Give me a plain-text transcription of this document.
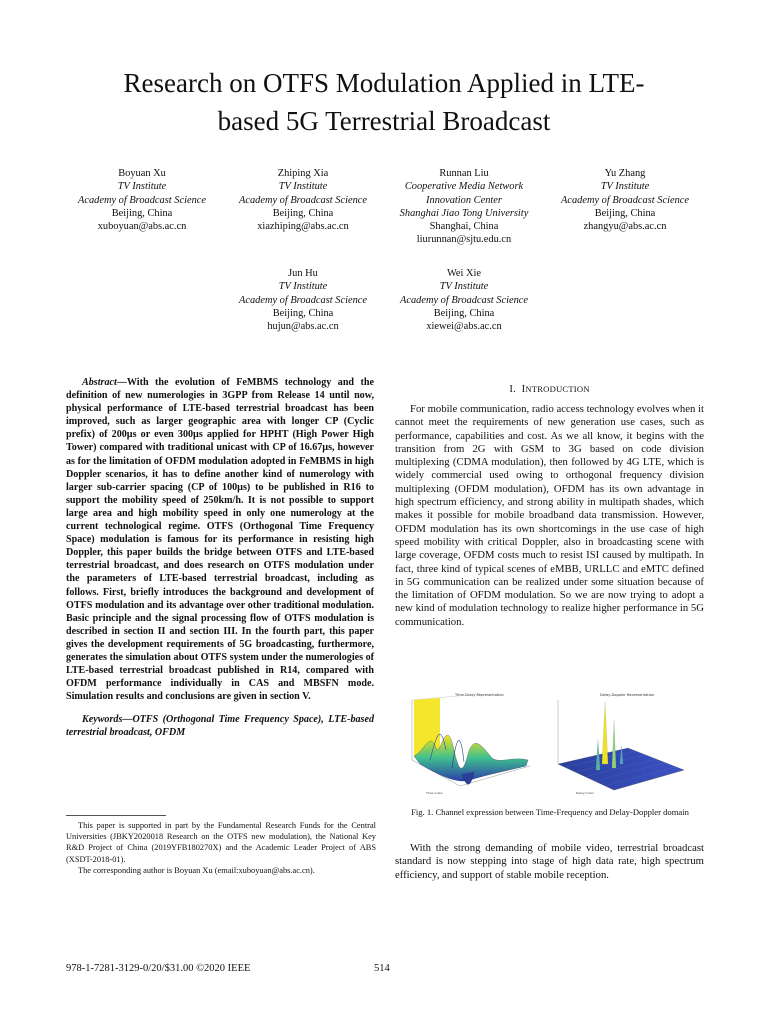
Research on OTFS Modulation Applied in LTE-
based 5G Terrestrial Broadcast
Boyuan Xu
TV Institute
Academy of Broadcast Science
Beijing, China
xuboyuan@abs.ac.cn
Zhiping Xia
TV Institute
Academy of Broadcast Science
Beijing, China
xiazhiping@abs.ac.cn
Runnan Liu
Cooperative Media Network
Innovation Center
Shanghai Jiao Tong University
Shanghai, China
liurunnan@sjtu.edu.cn
Yu Zhang
TV Institute
Academy of Broadcast Science
Beijing, China
zhangyu@abs.ac.cn
Jun Hu
TV Institute
Academy of Broadcast Science
Beijing, China
hujun@abs.ac.cn
Wei Xie
TV Institute
Academy of Broadcast Science
Beijing, China
xiewei@abs.ac.cn

Abstract—With the evolution of FeMBMS technology and the definition of new numerologies in 3GPP from Release 14 until now, physical performance of LTE-based terrestrial broadcast has been improved, such as larger geographic area with longer CP (Cyclic prefix) of 200µs or even 300µs applied for HPHT (High Power High Tower) compared with traditional unicast with CP of 16.67µs, however as for the limitation of OFDM modulation adopted in FeMBMS in high Doppler scenarios, it has to define another kind of numerology with larger sub-carrier spacing (CP of 100µs) to be published in R16 to support the mobility speed of 250km/h. It is not possible to support large area and high mobility speed in only one numerology at the current technological regime. OTFS (Orthogonal Time Frequency Space) modulation is famous for its performance in resisting high Doppler, this paper builds the bridge between OTFS and LTE-based terrestrial broadcast, and does research on OTFS modulation under the parameters of LTE-based terrestrial broadcast, including as follows. First, briefly introduces the background and development of OTFS modulation and its advantage over other traditional modulation. Basic principle and the signal processing flow of OTFS modulation is described in section II and section III. In the fourth part, this paper gives the development requirements of 5G broadcasting, furthermore, generates the simulation about OTFS system under the numerologies of LTE-based terrestrial broadcast published in R14, compared with OFDM performance individually in CAS and MBSFN mode. Simulation results and conclusions are given in section V.

Keywords—OTFS (Orthogonal Time Frequency Space), LTE-based terrestrial broadcast, OFDM

This paper is supported in part by the Fundamental Research Funds for the Central Universities (JBKY2020018 Research on the OTFS new modulation), the National Key R&D Project of China (2019YFB180270X) and the Academic Leader Project of ABS (XSDT-2018-01).

The corresponding author is Boyuan Xu (email:xuboyuan@abs.ac.cn).

I. INTRODUCTION

For mobile communication, radio access technology evolves when it cannot meet the requirements of new generation use cases, such as performance, capabilities and cost. As we all know, it begins with the transition from 2G with GSM to 3G based on code division multiplexing (CDMA modulation), then followed by 4G LTE, which is widely commercial used owing to orthogonal frequency division multiplexing (OFDM modulation), OFDM has its own advantage in high spectrum efficiency, and strong ability in multipath shades, which makes it possible for mobile broadband data transmission. However, OFDM modulation has its own shortcomings in the use case of high speed mobility with critical Doppler, also in broadcasting scene with large coverage, OFDM costs much to resist ISI caused by multipath. In fact, three kind of typical scenes of eMBB, URLLC and eMTC defined in 5G communication can be realized under some situation because of the limitation of OFDM modulation. So we are now trying to adopt a new kind of modulation technology to realize higher performance in 5G communication.

Time-Delay Representation
Time index
Delay-Doppler Representation
Delay index
Fig. 1. Channel expression between Time-Frequency and Delay-Doppler domain

With the strong demanding of mobile video, terrestrial broadcast standard is now stepping into stage of high data rate, high spectrum efficiency, and support of stable mobile reception.

978-1-7281-3129-0/20/$31.00 ©2020 IEEE	514
